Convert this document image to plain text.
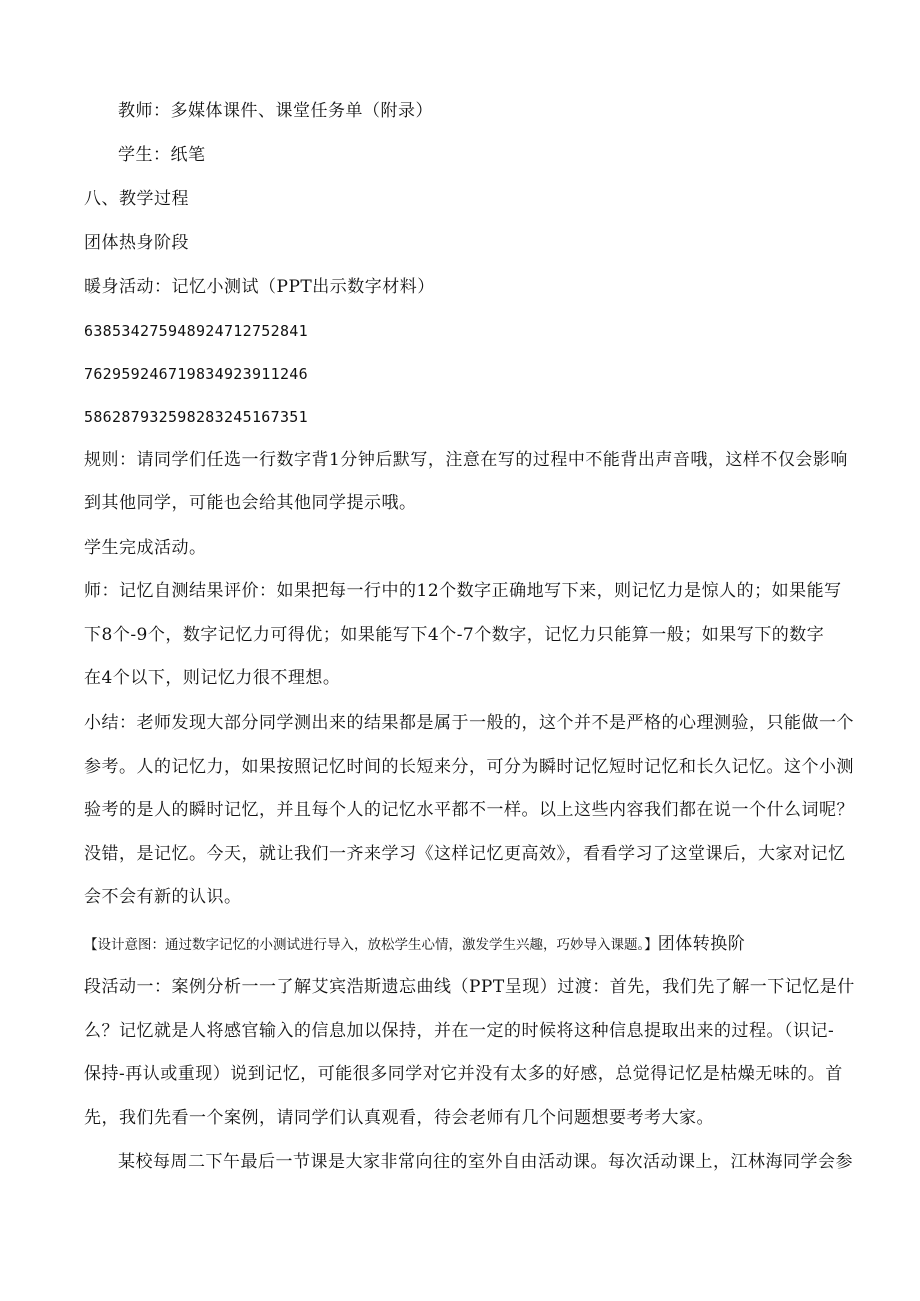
教师：多媒体课件、课堂任务单（附录）
学生：纸笔
八、教学过程
团体热身阶段
暖身活动：记忆小测试（PPT出示数字材料）
638534275948924712752841
762959246719834923911246
586287932598283245167351
规则：请同学们任选一行数字背1分钟后默写，注意在写的过程中不能背出声音哦，这样不仅会影响
到其他同学，可能也会给其他同学提示哦。
学生完成活动。
师：记忆自测结果评价：如果把每一行中的12个数字正确地写下来，则记忆力是惊人的；如果能写
下8个-9个，数字记忆力可得优；如果能写下4个-7个数字，记忆力只能算一般；如果写下的数字
在4个以下，则记忆力很不理想。
小结：老师发现大部分同学测出来的结果都是属于一般的，这个并不是严格的心理测验，只能做一个
参考。人的记忆力，如果按照记忆时间的长短来分，可分为瞬时记忆短时记忆和长久记忆。这个小测
验考的是人的瞬时记忆，并且每个人的记忆水平都不一样。以上这些内容我们都在说一个什么词呢？
没错，是记忆。今天，就让我们一齐来学习《这样记忆更高效》，看看学习了这堂课后，大家对记忆
会不会有新的认识。
【设计意图：通过数字记忆的小测试进行导入，放松学生心情，激发学生兴趣，巧妙导入课题。】团体转换阶
段活动一：案例分析一一了解艾宾浩斯遗忘曲线（PPT呈现）过渡：首先，我们先了解一下记忆是什
么？记忆就是人将感官输入的信息加以保持，并在一定的时候将这种信息提取出来的过程。（识记-
保持-再认或重现）说到记忆，可能很多同学对它并没有太多的好感，总觉得记忆是枯燥无味的。首
先，我们先看一个案例，请同学们认真观看，待会老师有几个问题想要考考大家。
某校每周二下午最后一节课是大家非常向往的室外自由活动课。每次活动课上，江林海同学会参
